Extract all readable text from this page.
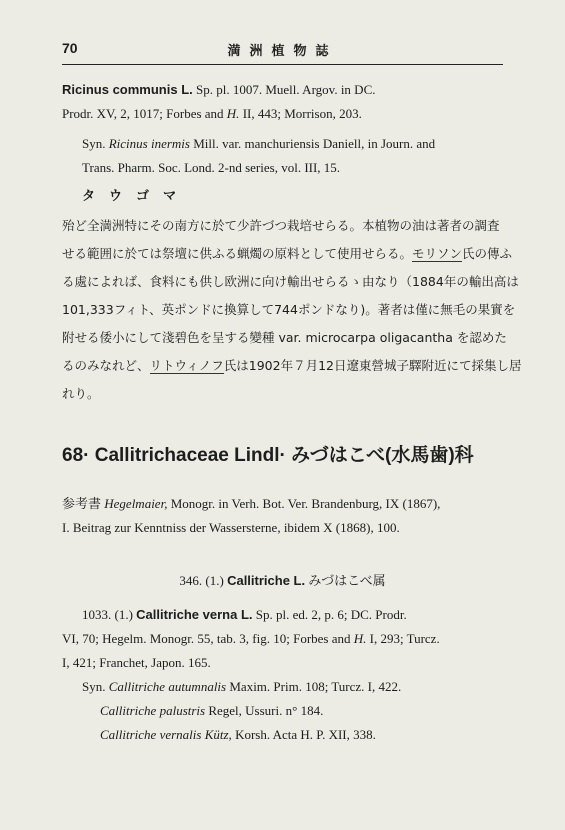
70	満洲植物誌
Ricinus communis L. Sp. pl. 1007. Muell. Argov. in DC.
Prodr. XV, 2, 1017; Forbes and H. II, 443; Morrison, 203.
Syn. Ricinus inermis Mill. var. manchuriensis Daniell, in Journ. and
Trans. Pharm. Soc. Lond. 2-nd series, vol. III, 15.
タウゴマ
殆ど全満洲特にその南方に於て少許づつ栽培せらる。本植物の油は著者の調査
せる範囲に於ては祭壇に供ふる蝋燭の原料として使用せらる。モリソン氏の傳ふ
る處によれば、食料にも供し欧洲に向け輸出せらるゝ由なり（1884年の輸出高は
101,333フィト、英ポンドに換算して744ポンドなり)。著者は僅に無毛の果實を
附せる倭小にして淺碧色を呈する變種 var. microcarpa oligacantha を認めた
るのみなれど、リトウィノフ氏は1902年７月12日遼東營城子驛附近にて採集し居
れり。
68· Callitrichaceae Lindl· みづはこべ(水馬歯)科
参考書 Hegelmaier, Monogr. in Verh. Bot. Ver. Brandenburg, IX (1867),
I. Beitrag zur Kenntniss der Wassersterne, ibidem X (1868), 100.
346. (1.) Callitriche L. みづはこべ属
1033. (1.) Callitriche verna L. Sp. pl. ed. 2, p. 6; DC. Prodr.
VI, 70; Hegelm. Monogr. 55, tab. 3, fig. 10; Forbes and H. I, 293; Turcz.
I, 421; Franchet, Japon. 165.
Syn. Callitriche autumnalis Maxim. Prim. 108; Turcz. I, 422.
Callitriche palustris Regel, Ussuri. n° 184.
Callitriche vernalis Kütz, Korsh. Acta H. P. XII, 338.
